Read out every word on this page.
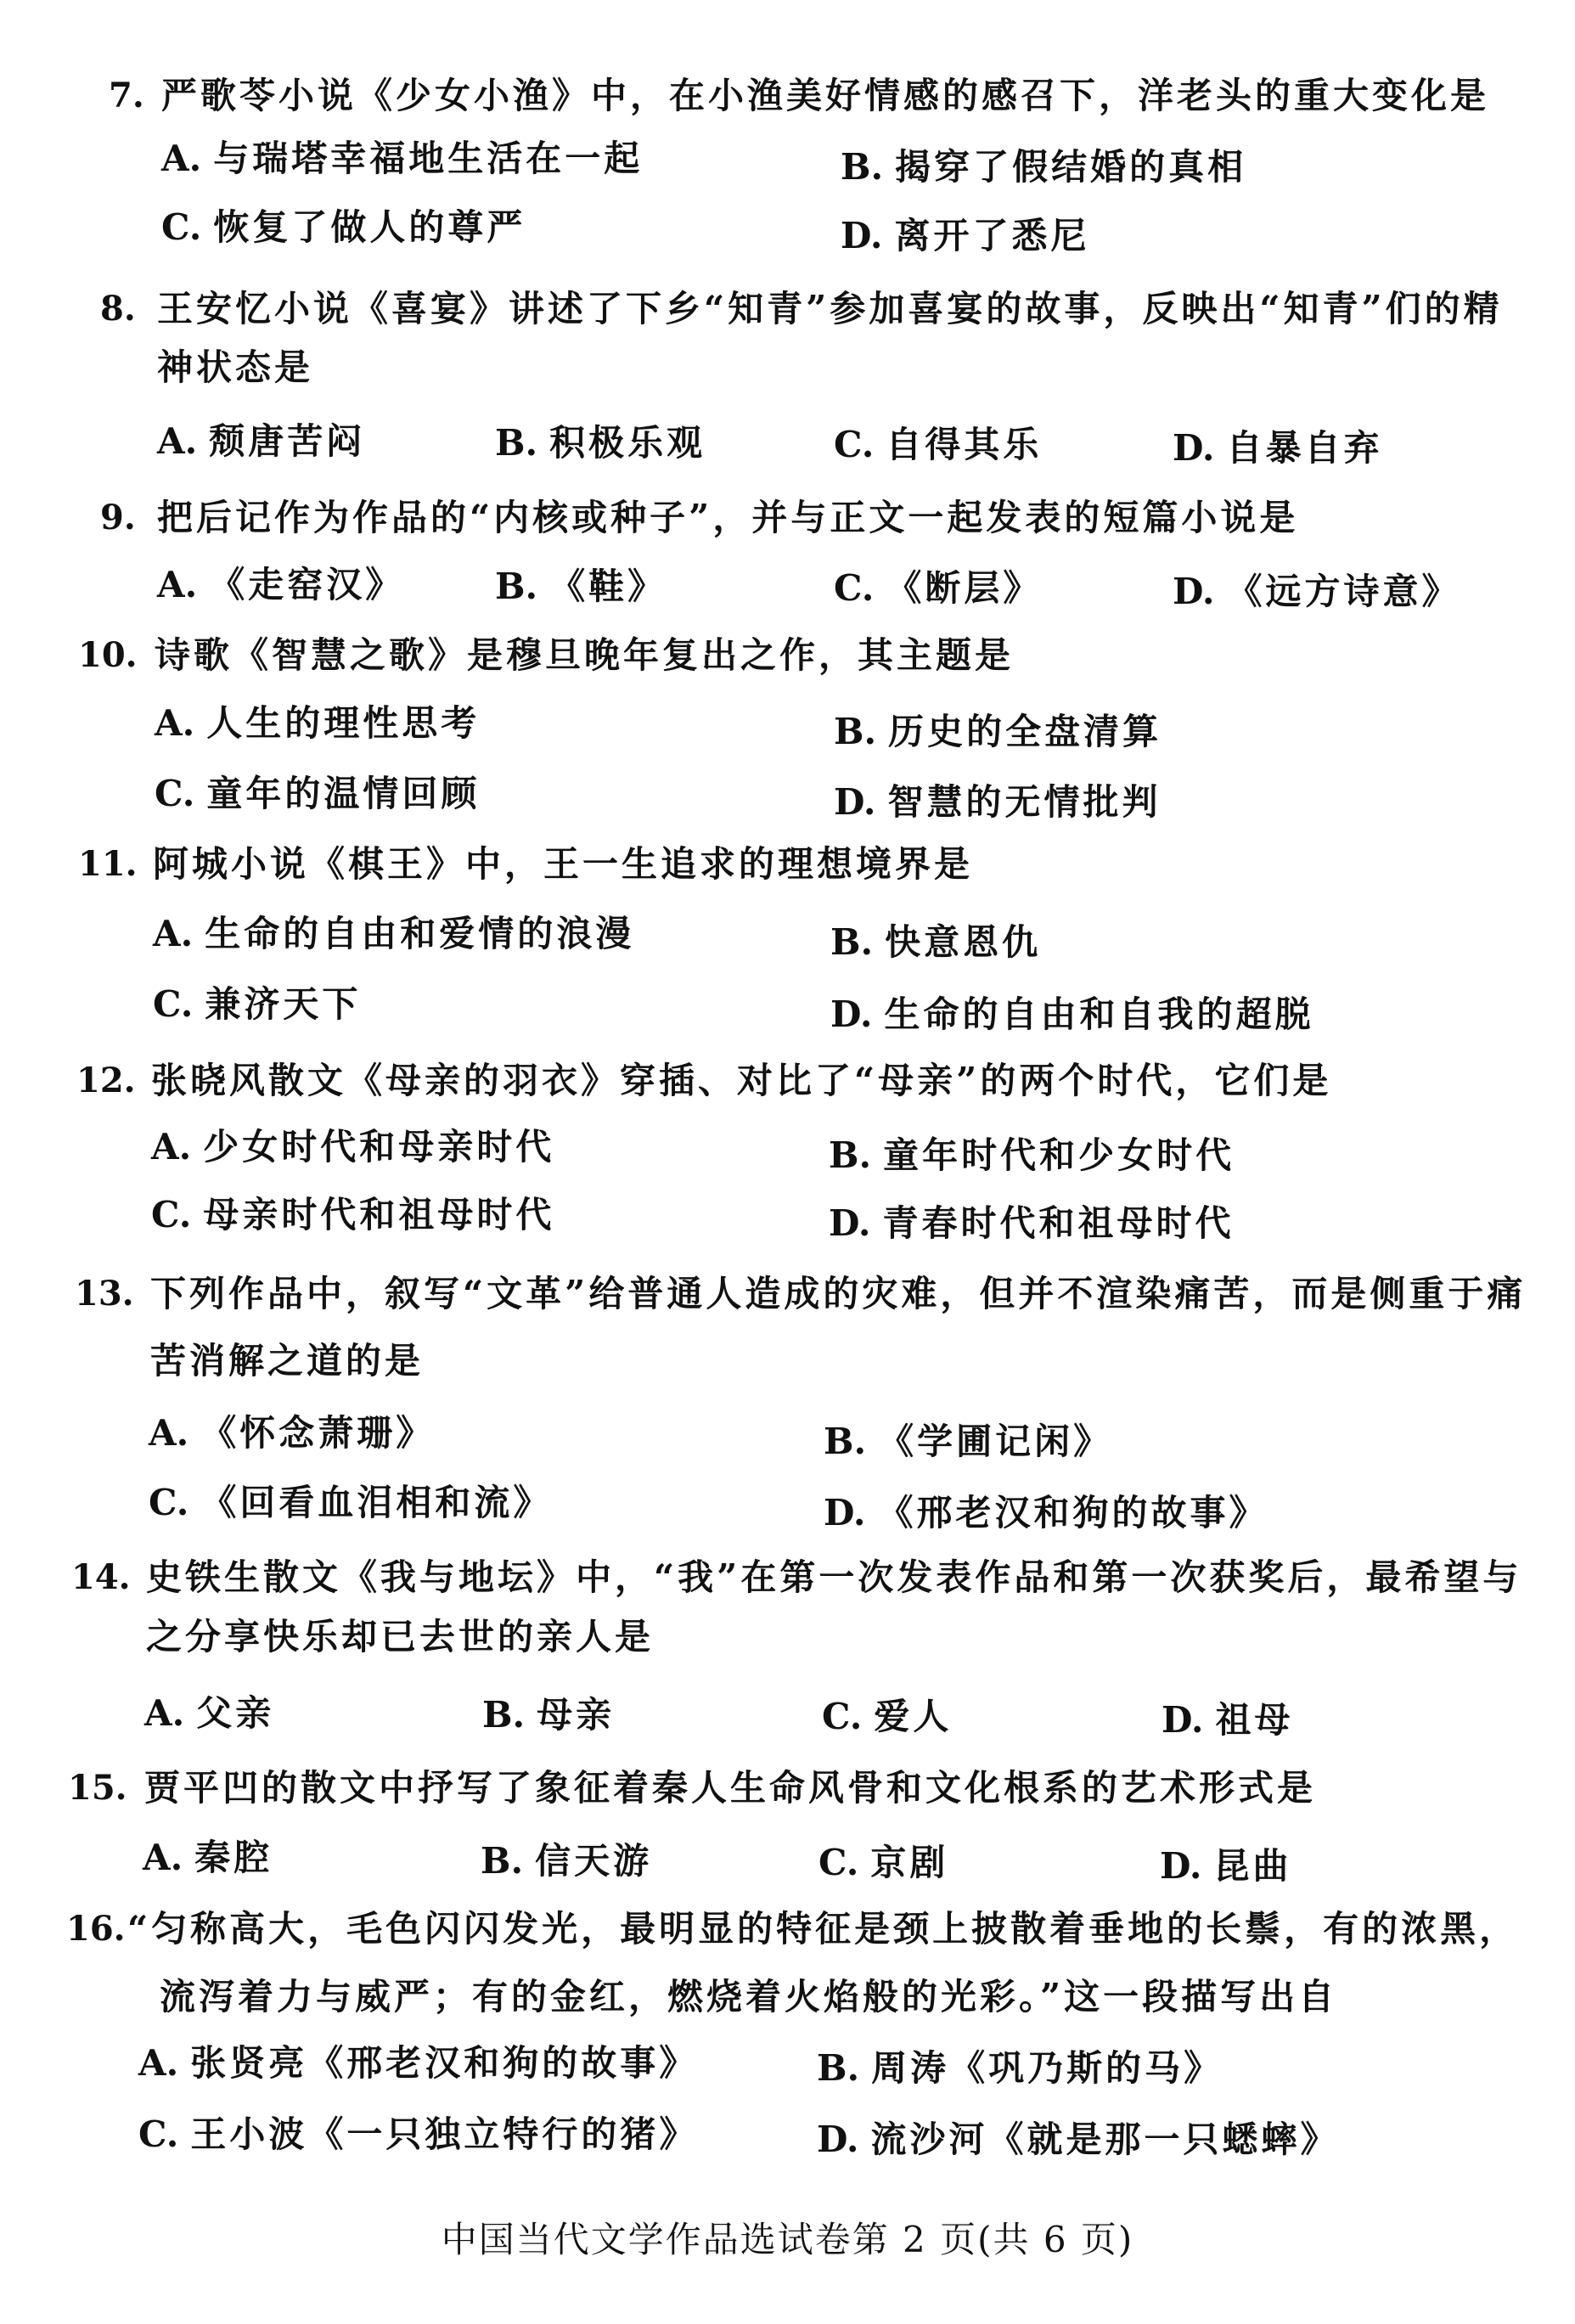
7. 严歌苓小说《少女小渔》中，在小渔美好情感的感召下，洋老头的重大变化是
A. 与瑞塔幸福地生活在一起	B. 揭穿了假结婚的真相
C. 恢复了做人的尊严	D. 离开了悉尼
8. 王安忆小说《喜宴》讲述了下乡“知青”参加喜宴的故事，反映出“知青”们的精
神状态是
A. 颓唐苦闷	B. 积极乐观	C. 自得其乐	D. 自暴自弃
9. 把后记作为作品的“内核或种子”，并与正文一起发表的短篇小说是
A. 《走窑汉》	B. 《鞋》	C. 《断层》	D. 《远方诗意》
10. 诗歌《智慧之歌》是穆旦晚年复出之作，其主题是
A. 人生的理性思考	B. 历史的全盘清算
C. 童年的温情回顾	D. 智慧的无情批判
11. 阿城小说《棋王》中，王一生追求的理想境界是
A. 生命的自由和爱情的浪漫	B. 快意恩仇
C. 兼济天下	D. 生命的自由和自我的超脱
12. 张晓风散文《母亲的羽衣》穿插、对比了“母亲”的两个时代，它们是
A. 少女时代和母亲时代	B. 童年时代和少女时代
C. 母亲时代和祖母时代	D. 青春时代和祖母时代
13. 下列作品中，叙写“文革”给普通人造成的灾难，但并不渲染痛苦，而是侧重于痛
苦消解之道的是
A. 《怀念萧珊》	B. 《学圃记闲》
C. 《回看血泪相和流》	D. 《邢老汉和狗的故事》
14. 史铁生散文《我与地坛》中，“我”在第一次发表作品和第一次获奖后，最希望与
之分享快乐却已去世的亲人是
A. 父亲	B. 母亲	C. 爱人	D. 祖母
15. 贾平凹的散文中抒写了象征着秦人生命风骨和文化根系的艺术形式是
A. 秦腔	B. 信天游	C. 京剧	D. 昆曲
16. “匀称高大，毛色闪闪发光，最明显的特征是颈上披散着垂地的长鬃，有的浓黑，
流泻着力与威严；有的金红，燃烧着火焰般的光彩。”这一段描写出自
A. 张贤亮《邢老汉和狗的故事》	B. 周涛《巩乃斯的马》
C. 王小波《一只独立特行的猪》	D. 流沙河《就是那一只蟋蟀》
中国当代文学作品选试卷第 2 页(共 6 页)
